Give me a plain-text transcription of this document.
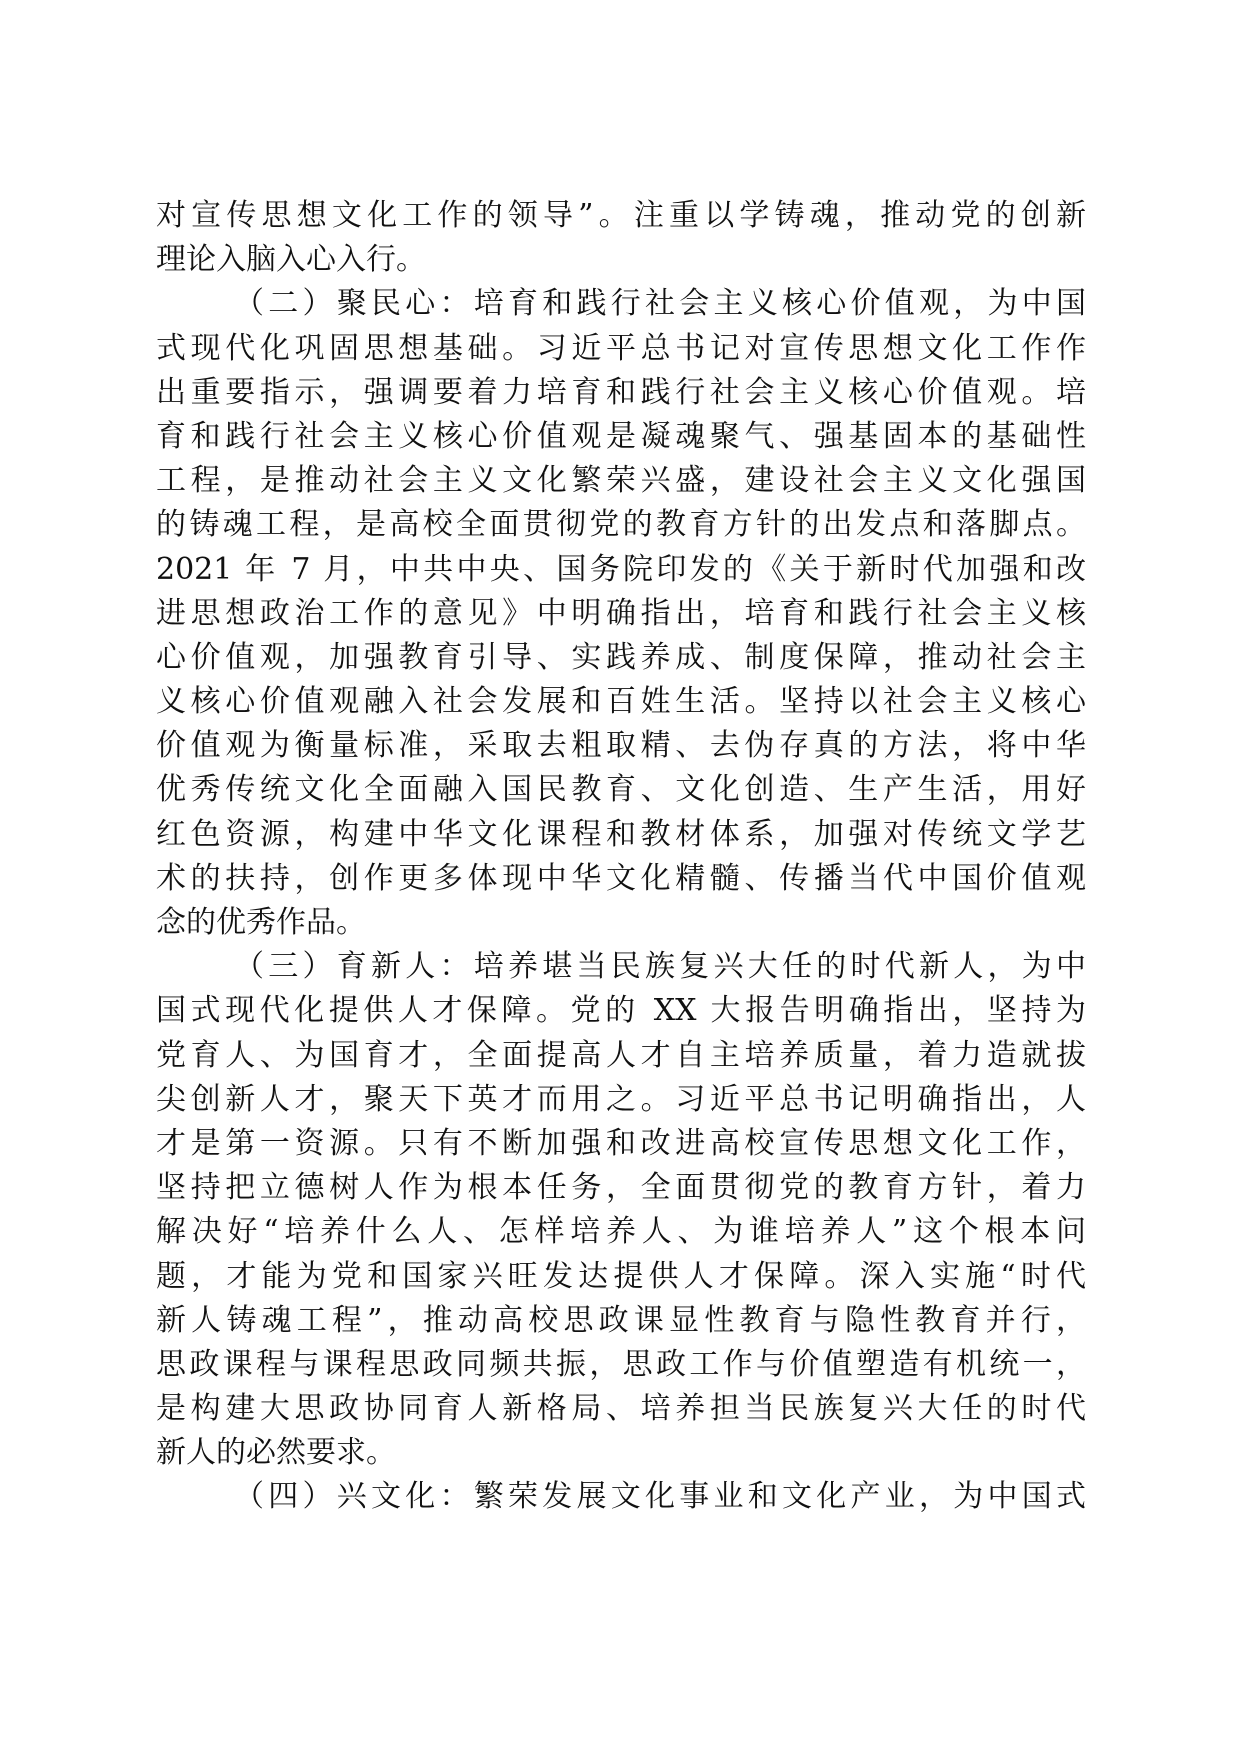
对宣传思想文化工作的领导”。注重以学铸魂，推动党的创新
理论入脑入心入行。
（二）聚民心：培育和践行社会主义核心价值观，为中国
式现代化巩固思想基础。习近平总书记对宣传思想文化工作作
出重要指示，强调要着力培育和践行社会主义核心价值观。培
育和践行社会主义核心价值观是凝魂聚气、强基固本的基础性
工程，是推动社会主义文化繁荣兴盛，建设社会主义文化强国
的铸魂工程，是高校全面贯彻党的教育方针的出发点和落脚点。
2021 年 7 月，中共中央、国务院印发的《关于新时代加强和改
进思想政治工作的意见》中明确指出，培育和践行社会主义核
心价值观，加强教育引导、实践养成、制度保障，推动社会主
义核心价值观融入社会发展和百姓生活。坚持以社会主义核心
价值观为衡量标准，采取去粗取精、去伪存真的方法，将中华
优秀传统文化全面融入国民教育、文化创造、生产生活，用好
红色资源，构建中华文化课程和教材体系，加强对传统文学艺
术的扶持，创作更多体现中华文化精髓、传播当代中国价值观
念的优秀作品。
（三）育新人：培养堪当民族复兴大任的时代新人，为中
国式现代化提供人才保障。党的 XX 大报告明确指出，坚持为
党育人、为国育才，全面提高人才自主培养质量，着力造就拔
尖创新人才，聚天下英才而用之。习近平总书记明确指出，人
才是第一资源。只有不断加强和改进高校宣传思想文化工作，
坚持把立德树人作为根本任务，全面贯彻党的教育方针，着力
解决好“培养什么人、怎样培养人、为谁培养人”这个根本问
题，才能为党和国家兴旺发达提供人才保障。深入实施“时代
新人铸魂工程”，推动高校思政课显性教育与隐性教育并行，
思政课程与课程思政同频共振，思政工作与价值塑造有机统一，
是构建大思政协同育人新格局、培养担当民族复兴大任的时代
新人的必然要求。
（四）兴文化：繁荣发展文化事业和文化产业，为中国式
